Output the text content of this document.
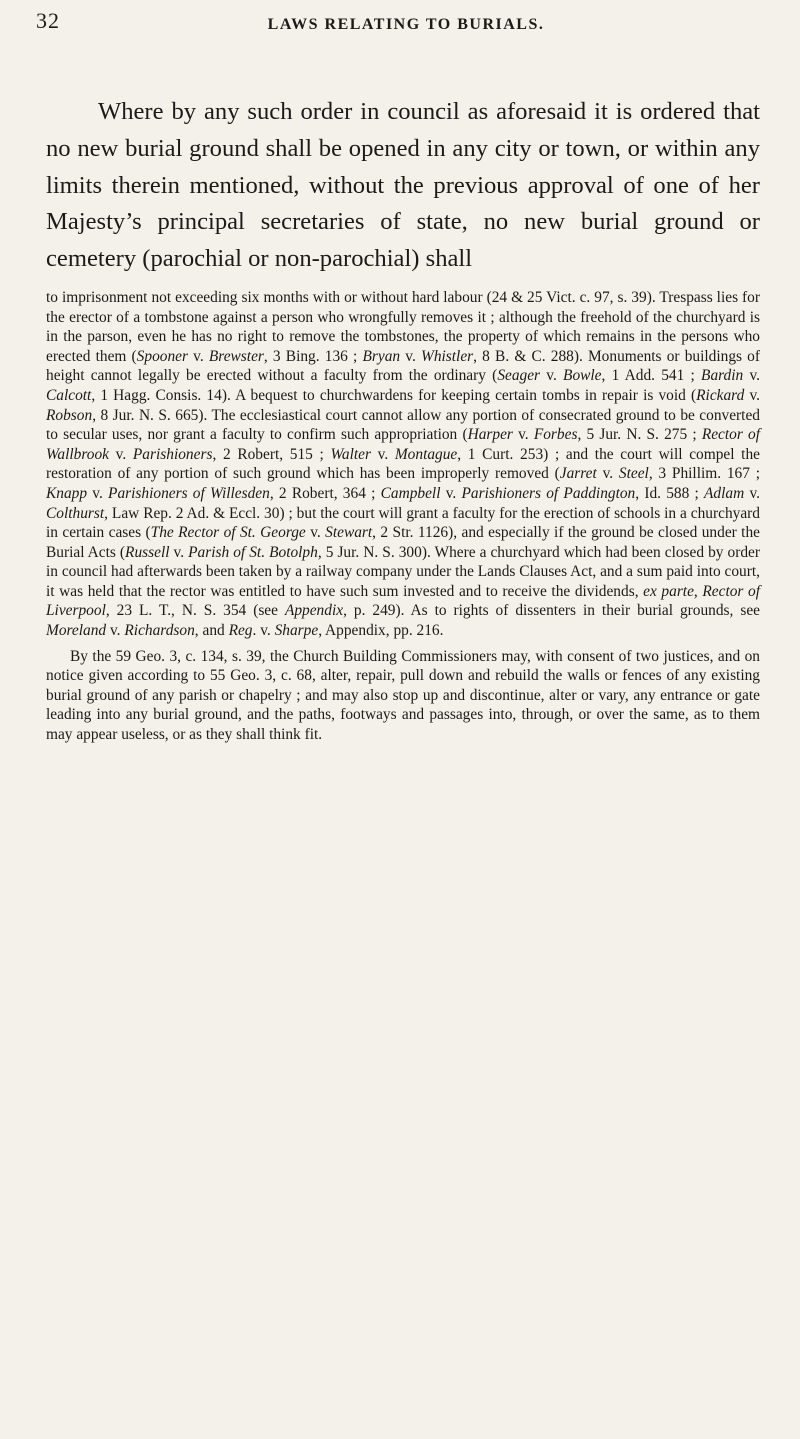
32	LAWS RELATING TO BURIALS.

Where by any such order in council as aforesaid it is ordered that no new burial ground shall be opened in any city or town, or within any limits therein mentioned, without the previous approval of one of her Majesty’s principal secretaries of state, no new burial ground or cemetery (parochial or non-parochial) shall

to imprisonment not exceeding six months with or without hard labour (24 & 25 Vict. c. 97, s. 39). Trespass lies for the erector of a tombstone against a person who wrongfully removes it ; although the freehold of the churchyard is in the parson, even he has no right to remove the tombstones, the property of which remains in the persons who erected them (Spooner v. Brewster, 3 Bing. 136 ; Bryan v. Whistler, 8 B. & C. 288). Monuments or buildings of height cannot legally be erected without a faculty from the ordinary (Seager v. Bowle, 1 Add. 541 ; Bardin v. Calcott, 1 Hagg. Consis. 14). A bequest to churchwardens for keeping certain tombs in repair is void (Rickard v. Robson, 8 Jur. N. S. 665). The ecclesiastical court cannot allow any portion of consecrated ground to be converted to secular uses, nor grant a faculty to confirm such appropriation (Harper v. Forbes, 5 Jur. N. S. 275 ; Rector of Wallbrook v. Parishioners, 2 Robert, 515 ; Walter v. Montague, 1 Curt. 253) ; and the court will compel the restoration of any portion of such ground which has been improperly removed (Jarret v. Steel, 3 Phillim. 167 ; Knapp v. Parishioners of Willesden, 2 Robert, 364 ; Campbell v. Parishioners of Paddington, Id. 588 ; Adlam v. Colthurst, Law Rep. 2 Ad. & Eccl. 30) ; but the court will grant a faculty for the erection of schools in a churchyard in certain cases (The Rector of St. George v. Stewart, 2 Str. 1126), and especially if the ground be closed under the Burial Acts (Russell v. Parish of St. Botolph, 5 Jur. N. S. 300). Where a churchyard which had been closed by order in council had afterwards been taken by a railway company under the Lands Clauses Act, and a sum paid into court, it was held that the rector was entitled to have such sum invested and to receive the dividends, ex parte, Rector of Liverpool, 23 L. T., N. S. 354 (see Appendix, p. 249). As to rights of dissenters in their burial grounds, see Moreland v. Richardson, and Reg. v. Sharpe, Appendix, pp. 216.

By the 59 Geo. 3, c. 134, s. 39, the Church Building Commissioners may, with consent of two justices, and on notice given according to 55 Geo. 3, c. 68, alter, repair, pull down and rebuild the walls or fences of any existing burial ground of any parish or chapelry ; and may also stop up and discontinue, alter or vary, any entrance or gate leading into any burial ground, and the paths, footways and passages into, through, or over the same, as to them may appear useless, or as they shall think fit.
